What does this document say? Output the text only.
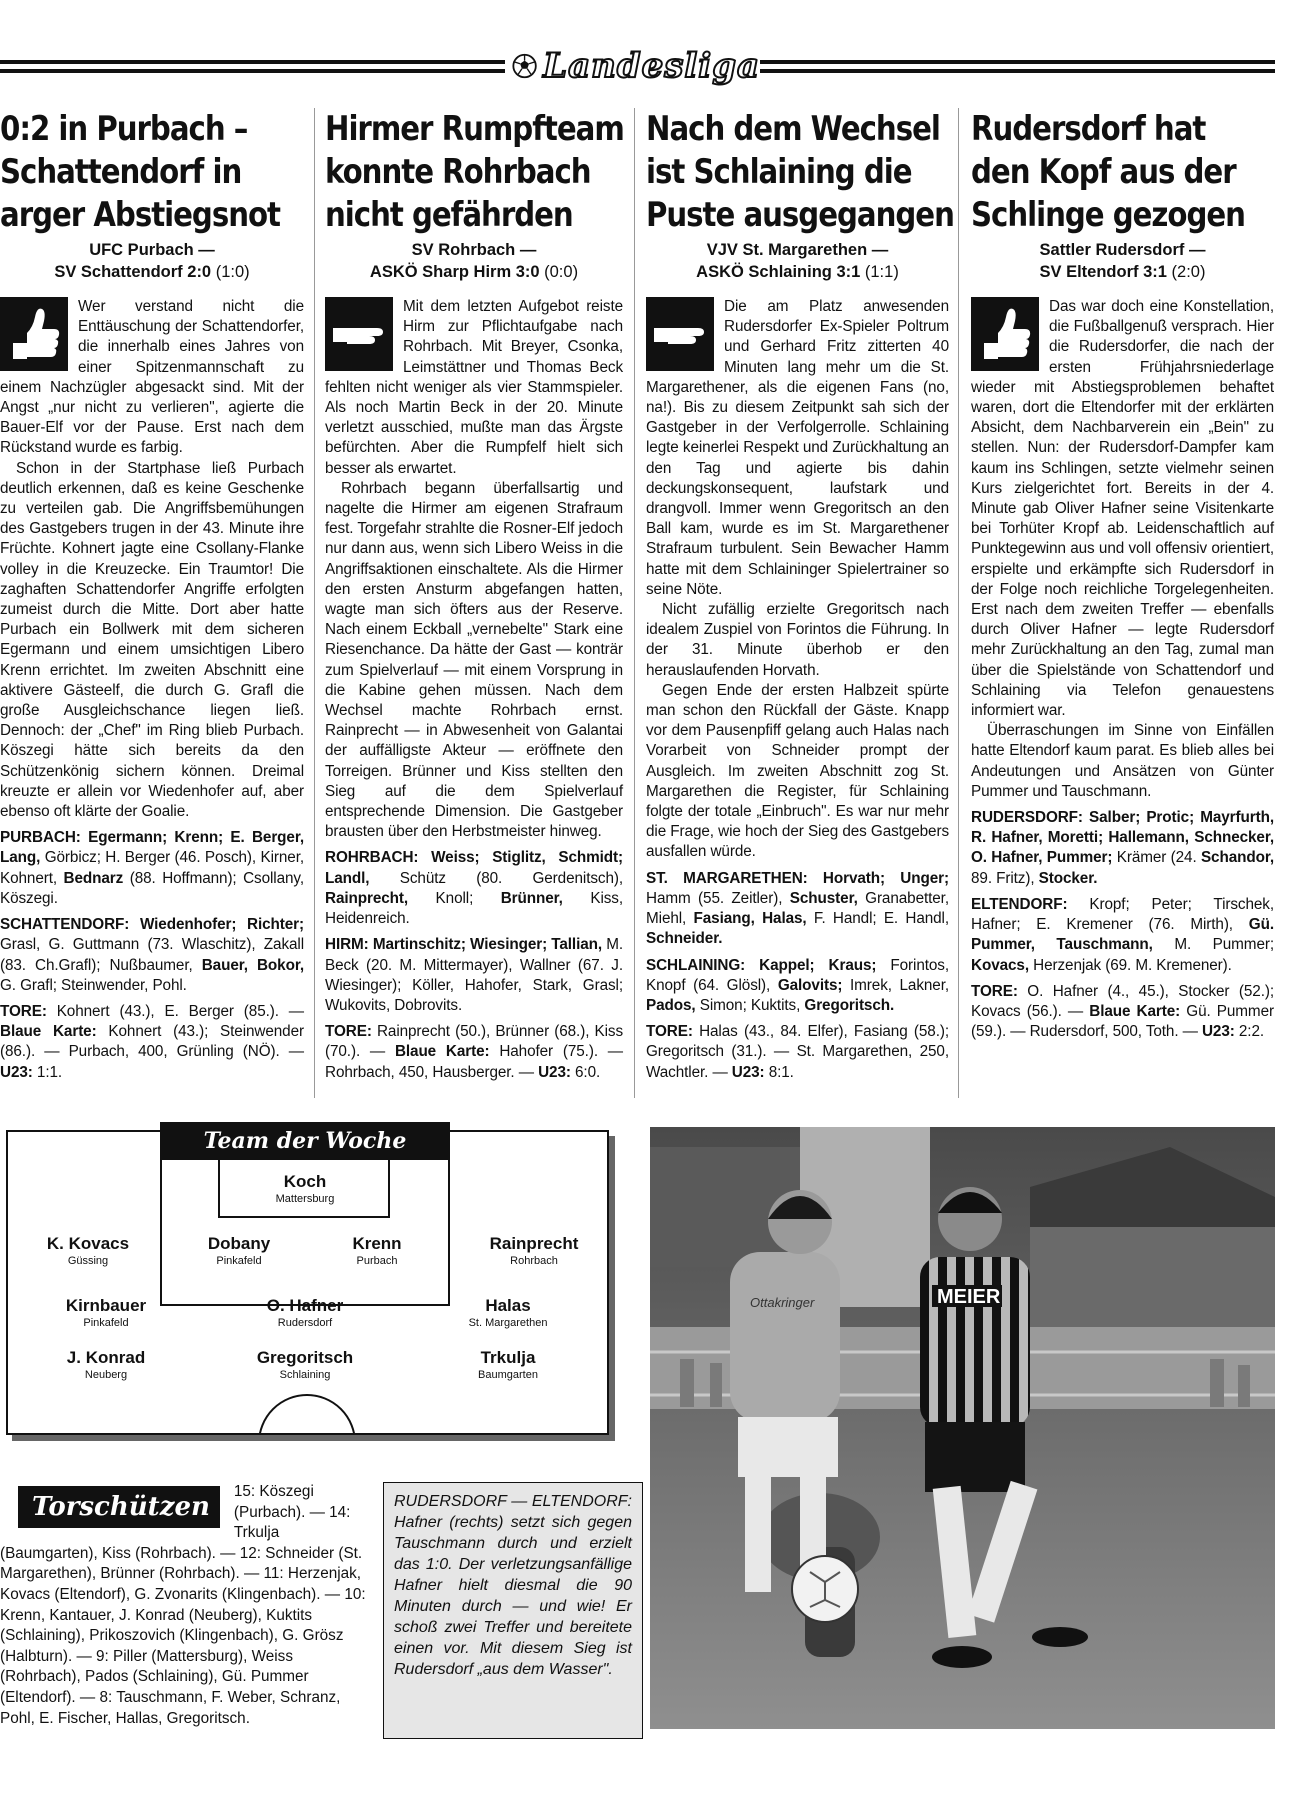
Landesliga
0:2 in Purbach –
Schattendorf in
arger Abstiegsnot
UFC Purbach —
SV Schattendorf 2:0 (1:0)

Wer verstand nicht die Enttäuschung der Schattendorfer, die innerhalb eines Jahres von einer Spitzenmannschaft zu einem Nachzügler abgesackt sind. Mit der Angst „nur nicht zu verlieren", agierte die Bauer-Elf vor der Pause. Erst nach dem Rückstand wurde es farbig.

Schon in der Startphase ließ Purbach deutlich erkennen, daß es keine Geschenke zu verteilen gab. Die Angriffsbemühungen des Gastgebers trugen in der 43. Minute ihre Früchte. Kohnert jagte eine Csollany-Flanke volley in die Kreuzecke. Ein Traumtor! Die zaghaften Schattendorfer Angriffe erfolgten zumeist durch die Mitte. Dort aber hatte Purbach ein Bollwerk mit dem sicheren Egermann und einem umsichtigen Libero Krenn errichtet. Im zweiten Abschnitt eine aktivere Gästeelf, die durch G. Grafl die große Ausgleichschance liegen ließ. Dennoch: der „Chef" im Ring blieb Purbach. Köszegi hätte sich bereits da den Schützenkönig sichern können. Dreimal kreuzte er allein vor Wiedenhofer auf, aber ebenso oft klärte der Goalie.

PURBACH: Egermann; Krenn; E. Berger, Lang, Görbicz; H. Berger (46. Posch), Kirner, Kohnert, Bednarz (88. Hoffmann); Csollany, Köszegi.

SCHATTENDORF: Wiedenhofer; Richter; Grasl, G. Guttmann (73. Wlaschitz), Zakall (83. Ch.Grafl); Nußbaumer, Bauer, Bokor, G. Grafl; Steinwender, Pohl.

TORE: Kohnert (43.), E. Berger (85.). — Blaue Karte: Kohnert (43.); Steinwender (86.). — Purbach, 400, Grünling (NÖ). — U23: 1:1.

Hirmer Rumpfteam
konnte Rohrbach
nicht gefährden
SV Rohrbach —
ASKÖ Sharp Hirm 3:0 (0:0)

Mit dem letzten Aufgebot reiste Hirm zur Pflichtaufgabe nach Rohrbach. Mit Breyer, Csonka, Leimstättner und Thomas Beck fehlten nicht weniger als vier Stammspieler. Als noch Martin Beck in der 20. Minute verletzt ausschied, mußte man das Ärgste befürchten. Aber die Rumpfelf hielt sich besser als erwartet.

Rohrbach begann überfallsartig und nagelte die Hirmer am eigenen Strafraum fest. Torgefahr strahlte die Rosner-Elf jedoch nur dann aus, wenn sich Libero Weiss in die Angriffsaktionen einschaltete. Als die Hirmer den ersten Ansturm abgefangen hatten, wagte man sich öfters aus der Reserve. Nach einem Eckball „vernebelte" Stark eine Riesenchance. Da hätte der Gast — konträr zum Spielverlauf — mit einem Vorsprung in die Kabine gehen müssen. Nach dem Wechsel machte Rohrbach ernst. Rainprecht — in Abwesenheit von Galantai der auffälligste Akteur — eröffnete den Torreigen. Brünner und Kiss stellten den Sieg auf die dem Spielverlauf entsprechende Dimension. Die Gastgeber brausten über den Herbstmeister hinweg.

ROHRBACH: Weiss; Stiglitz, Schmidt; Landl, Schütz (80. Gerdenitsch), Rainprecht, Knoll; Brünner, Kiss, Heidenreich.

HIRM: Martinschitz; Wiesinger; Tallian, M. Beck (20. M. Mittermayer), Wallner (67. J. Wiesinger); Köller, Hahofer, Stark, Grasl; Wukovits, Dobrovits.

TORE: Rainprecht (50.), Brünner (68.), Kiss (70.). — Blaue Karte: Hahofer (75.). — Rohrbach, 450, Hausberger. — U23: 6:0.

Nach dem Wechsel
ist Schlaining die
Puste ausgegangen
VJV St. Margarethen —
ASKÖ Schlaining 3:1 (1:1)

Die am Platz anwesenden Rudersdorfer Ex-Spieler Poltrum und Gerhard Fritz zitterten 40 Minuten lang mehr um die St. Margarethener, als die eigenen Fans (no, na!). Bis zu diesem Zeitpunkt sah sich der Gastgeber in der Verfolgerrolle. Schlaining legte keinerlei Respekt und Zurückhaltung an den Tag und agierte bis dahin deckungskonsequent, laufstark und drangvoll. Immer wenn Gregoritsch an den Ball kam, wurde es im St. Margarethener Strafraum turbulent. Sein Bewacher Hamm hatte mit dem Schlaininger Spielertrainer so seine Nöte.

Nicht zufällig erzielte Gregoritsch nach idealem Zuspiel von Forintos die Führung. In der 31. Minute überhob er den herauslaufenden Horvath.

Gegen Ende der ersten Halbzeit spürte man schon den Rückfall der Gäste. Knapp vor dem Pausenpfiff gelang auch Halas nach Vorarbeit von Schneider prompt der Ausgleich. Im zweiten Abschnitt zog St. Margarethen die Register, für Schlaining folgte der totale „Einbruch". Es war nur mehr die Frage, wie hoch der Sieg des Gastgebers ausfallen würde.

ST. MARGARETHEN: Horvath; Unger; Hamm (55. Zeitler), Schuster, Granabetter, Miehl, Fasiang, Halas, F. Handl; E. Handl, Schneider.

SCHLAINING: Kappel; Kraus; Forintos, Knopf (64. Glösl), Galovits; Imrek, Lakner, Pados, Simon; Kuktits, Gregoritsch.

TORE: Halas (43., 84. Elfer), Fasiang (58.); Gregoritsch (31.). — St. Margarethen, 250, Wachtler. — U23: 8:1.

Rudersdorf hat
den Kopf aus der
Schlinge gezogen
Sattler Rudersdorf —
SV Eltendorf 3:1 (2:0)

Das war doch eine Konstellation, die Fußballgenuß versprach. Hier die Rudersdorfer, die nach der ersten Frühjahrsniederlage wieder mit Abstiegsproblemen behaftet waren, dort die Eltendorfer mit der erklärten Absicht, dem Nachbarverein ein „Bein" zu stellen. Nun: der Rudersdorf-Dampfer kam kaum ins Schlingen, setzte vielmehr seinen Kurs zielgerichtet fort. Bereits in der 4. Minute gab Oliver Hafner seine Visitenkarte bei Torhüter Kropf ab. Leidenschaftlich auf Punktegewinn aus und voll offensiv orientiert, erspielte und erkämpfte sich Rudersdorf in der Folge noch reichliche Torgelegenheiten. Erst nach dem zweiten Treffer — ebenfalls durch Oliver Hafner — legte Rudersdorf mehr Zurückhaltung an den Tag, zumal man über die Spielstände von Schattendorf und Schlaining via Telefon genauestens informiert war.

Überraschungen im Sinne von Einfällen hatte Eltendorf kaum parat. Es blieb alles bei Andeutungen und Ansätzen von Günter Pummer und Tauschmann.

RUDERSDORF: Salber; Protic; Mayrfurth, R. Hafner, Moretti; Hallemann, Schnecker, O. Hafner, Pummer; Krämer (24. Schandor, 89. Fritz), Stocker.

ELTENDORF: Kropf; Peter; Tirschek, Hafner; E. Kremener (76. Mirth), Gü. Pummer, Tauschmann, M. Pummer; Kovacs, Herzenjak (69. M. Kremener).

TORE: O. Hafner (4., 45.), Stocker (52.); Kovacs (56.). — Blaue Karte: Gü. Pummer (59.). — Rudersdorf, 500, Toth. — U23: 2:2.

Team der Woche
Koch
Mattersburg
K. Kovacs
Güssing
Dobany
Pinkafeld
Krenn
Purbach
Rainprecht
Rohrbach
Kirnbauer
Pinkafeld
O. Hafner
Rudersdorf
Halas
St. Margarethen
J. Konrad
Neuberg
Gregoritsch
Schlaining
Trkulja
Baumgarten
Torschützen
15: Köszegi (Purbach). — 14: Trkulja (Baumgarten), Kiss (Rohrbach). — 12: Schneider (St. Margarethen), Brünner (Rohrbach). — 11: Herzenjak, Kovacs (Eltendorf), G. Zvonarits (Klingenbach). — 10: Krenn, Kantauer, J. Konrad (Neuberg), Kuktits (Schlaining), Prikoszovich (Klingenbach), G. Grösz (Halbturn). — 9: Piller (Mattersburg), Weiss (Rohrbach), Pados (Schlaining), Gü. Pummer (Eltendorf). — 8: Tauschmann, F. Weber, Schranz, Pohl, E. Fischer, Hallas, Gregoritsch.
RUDERSDORF — ELTENDORF: Hafner (rechts) setzt sich gegen Tauschmann durch und erzielt das 1:0. Der verletzungsanfällige Hafner hielt diesmal die 90 Minuten durch — und wie! Er schoß zwei Treffer und bereitete einen vor. Mit diesem Sieg ist Rudersdorf „aus dem Wasser".
MEIER
Ottakringer
